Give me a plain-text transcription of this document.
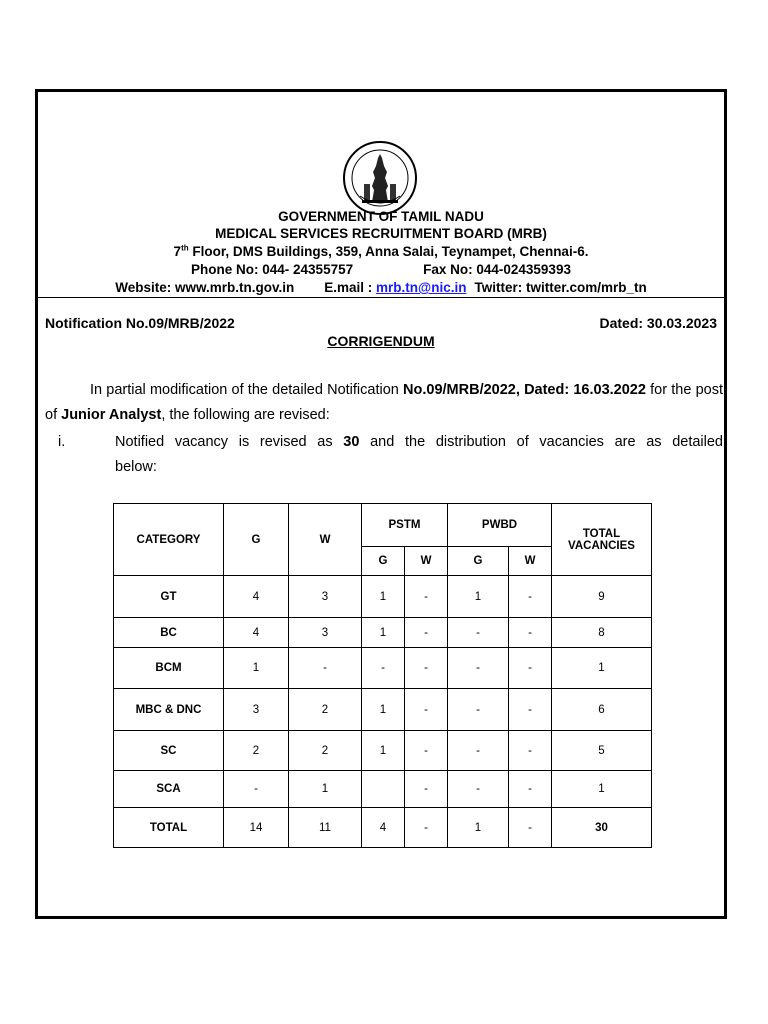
GOVERNMENT OF TAMIL NADU
MEDICAL SERVICES RECRUITMENT BOARD (MRB)
7th Floor, DMS Buildings, 359, Anna Salai, Teynampet, Chennai-6.
Phone No: 044- 24355757	Fax No: 044-024359393
Website: www.mrb.tn.gov.in E.mail : mrb.tn@nic.in Twitter: twitter.com/mrb_tn
Notification No.09/MRB/2022	Dated: 30.03.2023
CORRIGENDUM
In partial modification of the detailed Notification No.09/MRB/2022, Dated: 16.03.2022 for the post of Junior Analyst, the following are revised:
i.	Notified vacancy is revised as 30 and the distribution of vacancies are as detailed
below:
CATEGORY	G	W	PSTM		PWBD		TOTAL VACANCIES
			G	W	G	W	
GT	4	3	1	-	1	-	9
BC	4	3	1	-	-	-	8
BCM	1	-	-	-	-	-	1
MBC & DNC	3	2	1	-	-	-	6
SC	2	2	1	-	-	-	5
SCA	-	1		-	-	-	1
TOTAL	14	11	4	-	1	-	30
